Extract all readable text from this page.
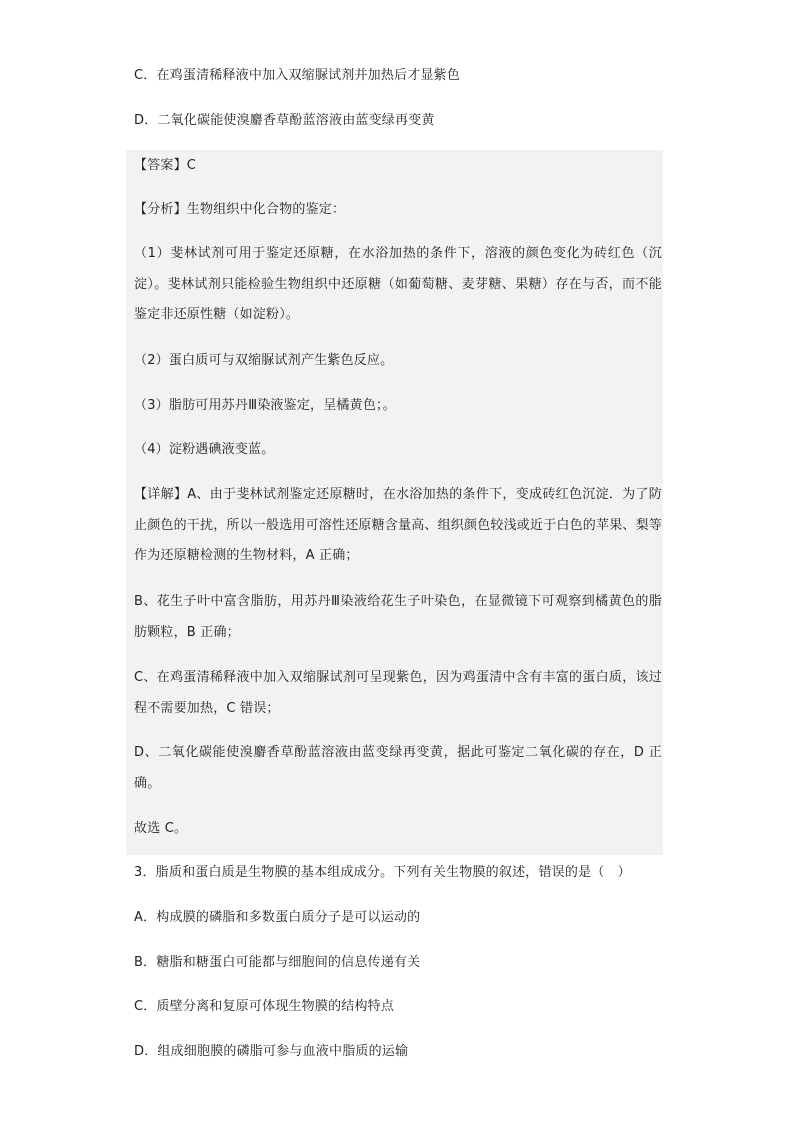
C．在鸡蛋清稀释液中加入双缩脲试剂并加热后才显紫色
D．二氧化碳能使溴麝香草酚蓝溶液由蓝变绿再变黄
【答案】C
【分析】生物组织中化合物的鉴定：
（1）斐林试剂可用于鉴定还原糖，在水浴加热的条件下，溶液的颜色变化为砖红色（沉淀）。斐林试剂只能检验生物组织中还原糖（如葡萄糖、麦芽糖、果糖）存在与否，而不能鉴定非还原性糖（如淀粉）。
（2）蛋白质可与双缩脲试剂产生紫色反应。
（3）脂肪可用苏丹Ⅲ染液鉴定，呈橘黄色；。
（4）淀粉遇碘液变蓝。
【详解】A、由于斐林试剂鉴定还原糖时，在水浴加热的条件下，变成砖红色沉淀．为了防止颜色的干扰，所以一般选用可溶性还原糖含量高、组织颜色较浅或近于白色的苹果、梨等作为还原糖检测的生物材料，A 正确；
B、花生子叶中富含脂肪，用苏丹Ⅲ染液给花生子叶染色，在显微镜下可观察到橘黄色的脂肪颗粒，B 正确；
C、在鸡蛋清稀释液中加入双缩脲试剂可呈现紫色，因为鸡蛋清中含有丰富的蛋白质，该过程不需要加热，C 错误；
D、二氧化碳能使溴麝香草酚蓝溶液由蓝变绿再变黄，据此可鉴定二氧化碳的存在，D 正确。
故选 C。
3．脂质和蛋白质是生物膜的基本组成成分。下列有关生物膜的叙述，错误的是（　）
A．构成膜的磷脂和多数蛋白质分子是可以运动的
B．糖脂和糖蛋白可能都与细胞间的信息传递有关
C．质壁分离和复原可体现生物膜的结构特点
D．组成细胞膜的磷脂可参与血液中脂质的运输
